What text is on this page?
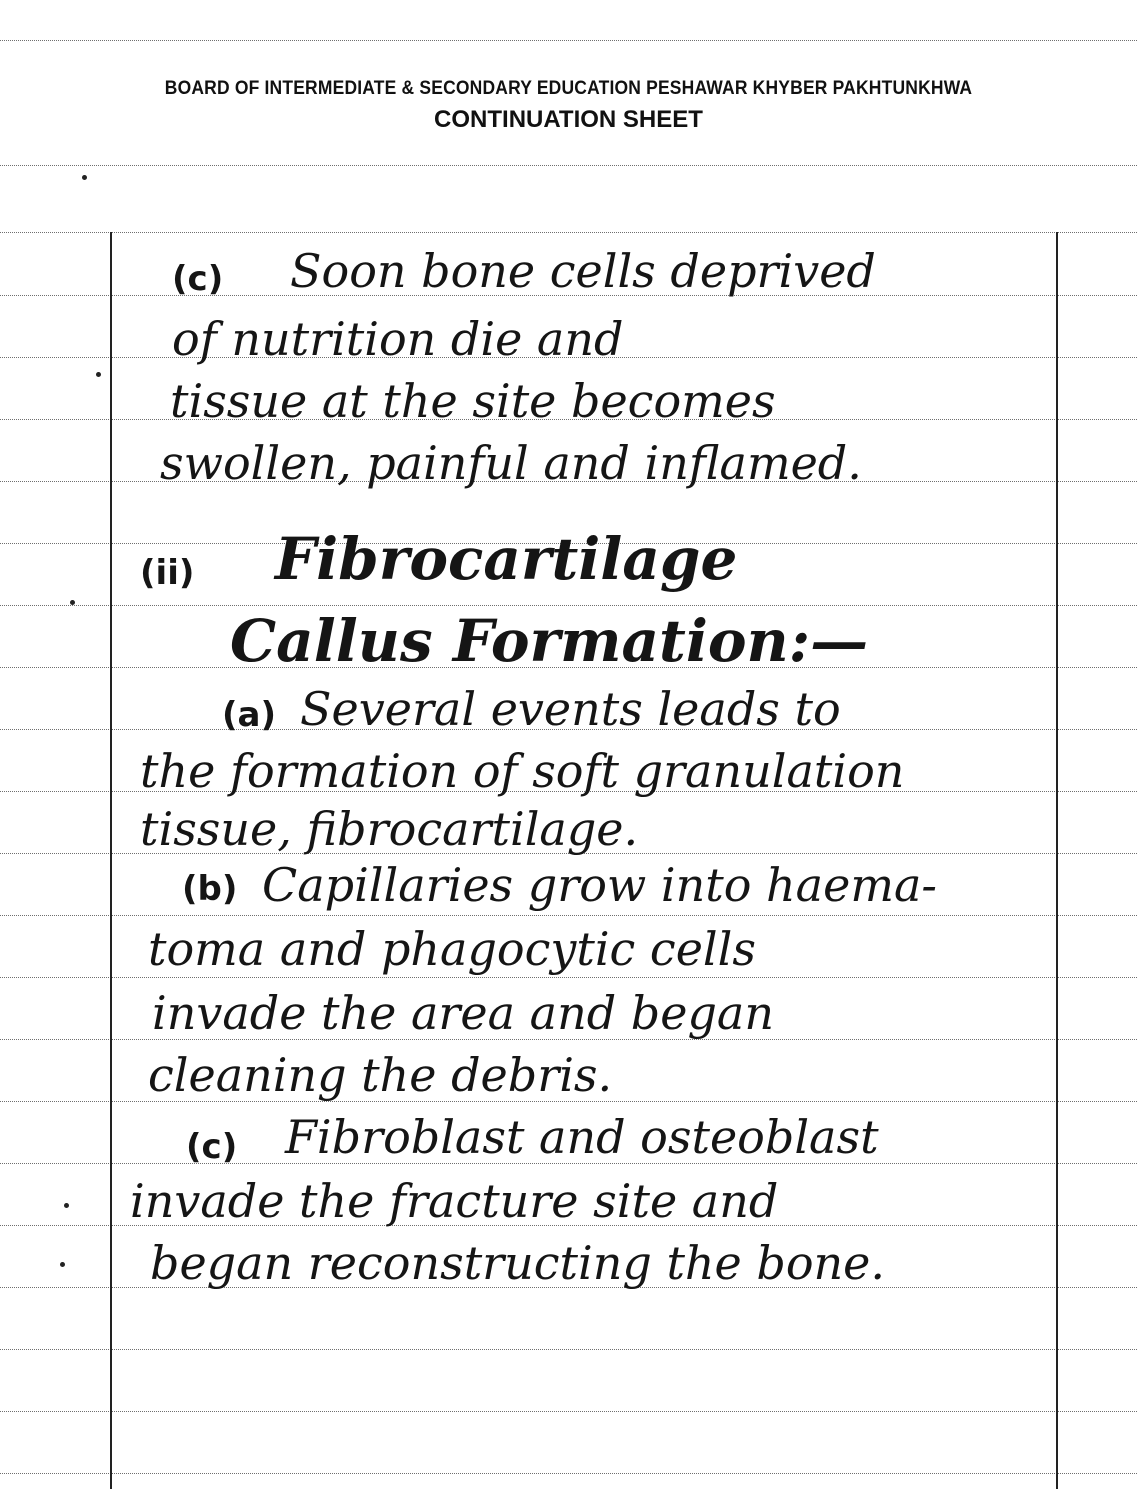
BOARD OF INTERMEDIATE & SECONDARY EDUCATION PESHAWAR KHYBER PAKHTUNKHWA
CONTINUATION SHEET
(c) Soon bone cells deprived
of nutrition die and
tissue at the site becomes
swollen, painful and inflamed.
(ii) Fibrocartilage
Callus Formation:—
(a) Several events leads to
the formation of soft granulation
tissue, fibrocartilage.
(b) Capillaries grow into haema-
toma and phagocytic cells
invade the area and began
cleaning the debris.
(c) Fibroblast and osteoblast
invade the fracture site and
began reconstructing the bone.
